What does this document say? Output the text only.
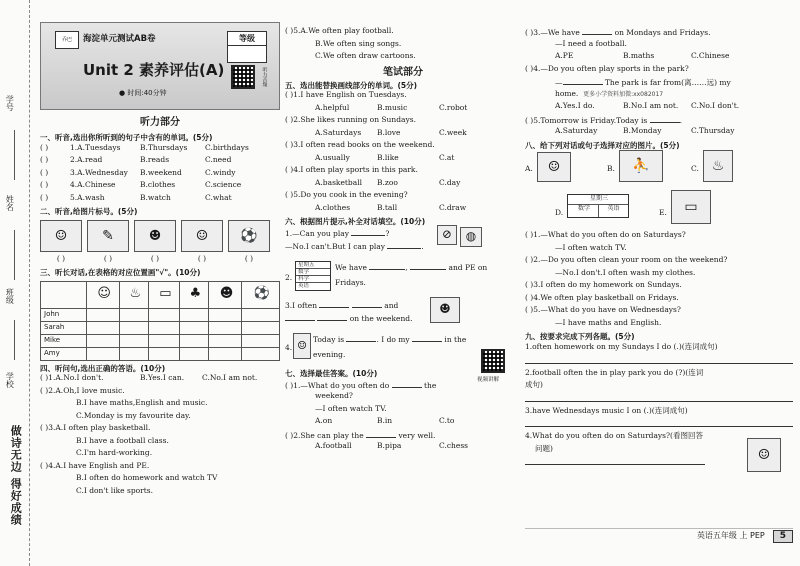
学号
姓名
班级
学校
做诗无边 得好成绩
乔巴	海淀单元测试AB卷	等级
Unit 2 素养评估(A)
● 时间:40分钟
听力音频
听力部分
一、听音,选出你所听到的句子中含有的单词。(5分)
( )	1.A.Tuesdays	B.Thursdays	C.birthdays
( )	2.A.read	B.reads	C.need
( )	3.A.Wednesday	B.weekend	C.windy
( )	4.A.Chinese	B.clothes	C.science
( )	5.A.wash	B.watch	C.what
二、听音,给图片标号。(5分)
☺	✎	☻	☺	⚽
( )	( )	( )	( )	( )
三、听长对话,在表格的对应位置画"√"。(10分)
	☺	♨	▭	♣	☻	⚽
John						
Sarah						
Mike						
Amy						
四、听问句,选出正确的答语。(10分)
( )1.A.No.I don't.	B.Yes.I can.	C.No.I am not.
( )2.A.Oh,I love music.
B.I have maths,English and music.
C.Monday is my favourite day.
( )3.A.I often play basketball.
B.I have a football class.
C.I'm hard-working.
( )4.A.I have English and PE.
B.I often do homework and watch TV
C.I don't like sports.
( )5.A.We often play football.
B.We often sing songs.
C.We often draw cartoons.
笔试部分
五、选出能替换画线部分的单词。(5分)
( )1.I have English on Tuesdays.
A.helpful	B.music	C.robot
( )2.She likes running on Sundays.
A.Saturdays	B.love	C.week
( )3.I often read books on the weekend.
A.usually	B.like	C.at
( )4.I often play sports in this park.
A.basketball	B.zoo	C.day
( )5.Do you cook in the evening?
A.clothes	B.tall	C.draw
六、根据图片提示,补全对话填空。(10分)
1.—Can you play
	?
—No.I can't.But I can play
	.
⊘	◍
2.
星期五
数学
科学
英语
We have
	,

	and PE on
Fridays.
3.I often

	and

on the weekend.
☻
4. ☺ Today is
	. I do my

	in the
evening.
七、选择最佳答案。(10分)
( )1.—What do you often do

	the
weekend?
—I often watch TV.
A.on	B.in	C.to
( )2.She can play the

	very well.
A.football	B.pipa	C.chess
视频讲解
( )3.—We have

	on Mondays and Fridays.
—I need a football.
A.PE	B.maths	C.Chinese
( )4.—Do you often play sports in the park?
—
	The park is far from(离……远) my
home.
更多小学资料加微:xx082017
A.Yes.I do.	B.No.I am not.	C.No.I don't.
( )5.Tomorrow is Friday.Today is
	.
A.Saturday	B.Monday	C.Thursday
八、给下列对话或句子选择对应的图片。(5分)
A.	☺	B.	⛹	C. ♨
D.
星期三
数学	英语	E.	▭
( )1.—What do you often do on Saturdays?
—I often watch TV.
( )2.—Do you often clean your room on the weekend?
—No.I don't.I often wash my clothes.
( )3.I often do my homework on Sundays.
( )4.We often play basketball on Fridays.
( )5.—What do you have on Wednesdays?
—I have maths and English.
九、按要求完成下列各题。(5分)
1.often homework on my Sundays I do (.)(连词成句)
2.football often the in play park you do (?)(连词
成句)
3.have Wednesdays music I on (.)(连词成句)
4.What do you often do on Saturdays?(看图回答
问题)	☺
英语五年级 上 PEP	5
